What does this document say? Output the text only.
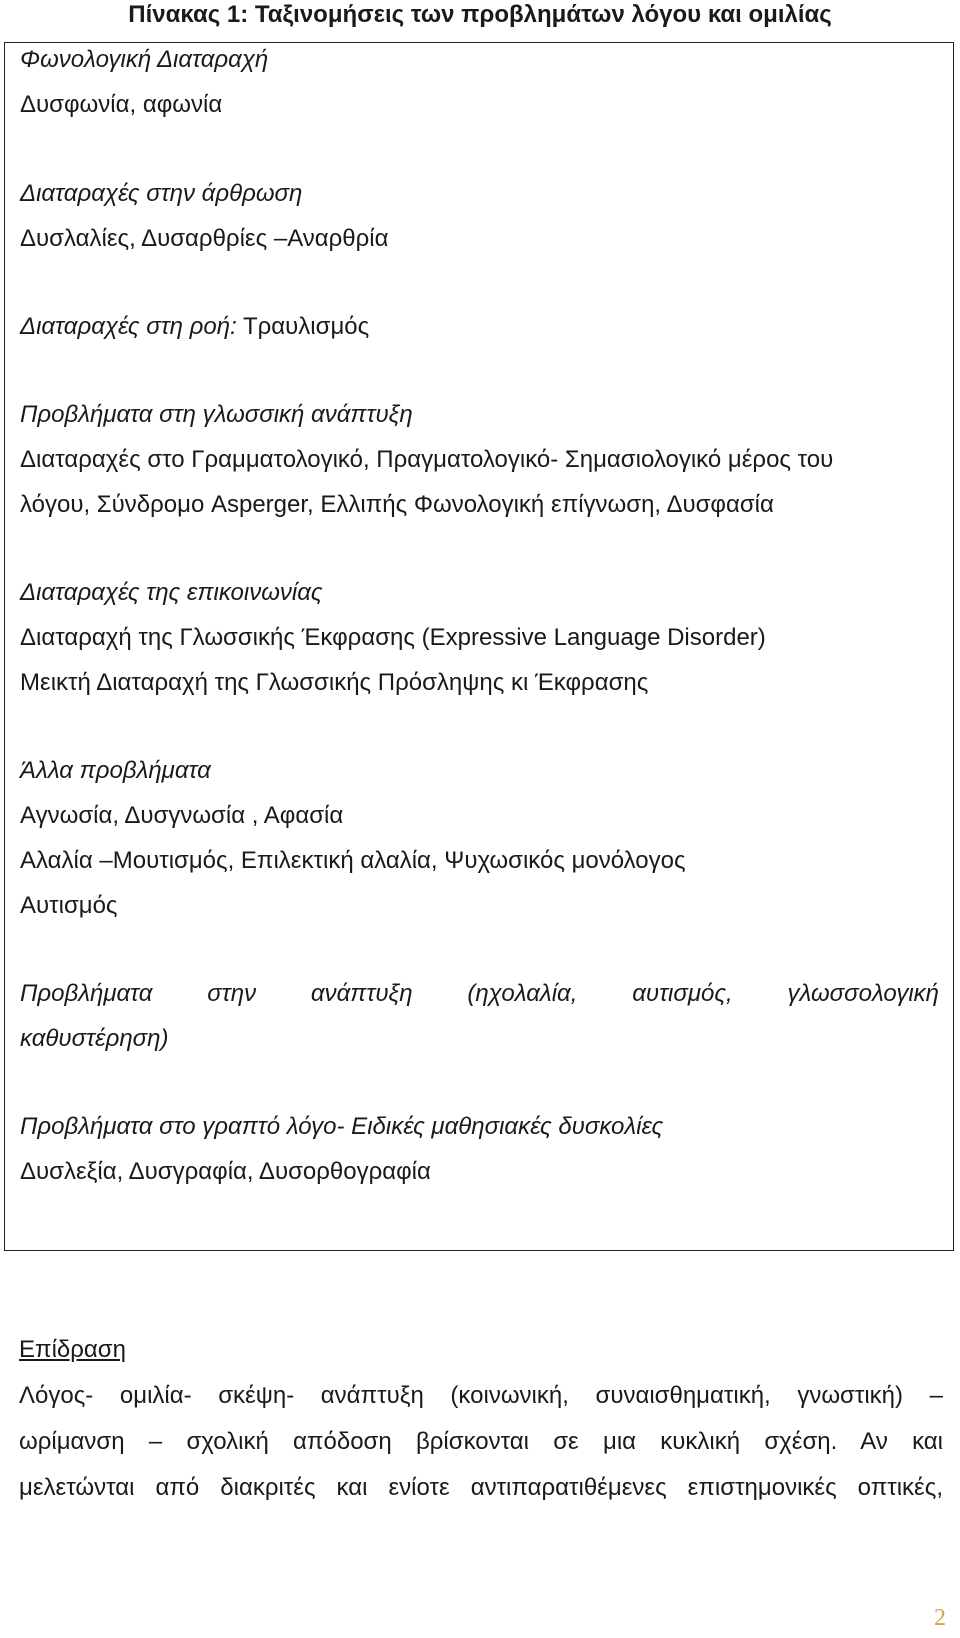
Πίνακας 1: Ταξινομήσεις των προβλημάτων λόγου και ομιλίας
Φωνολογική Διαταραχή
Δυσφωνία, αφωνία
Διαταραχές στην άρθρωση
Δυσλαλίες, Δυσαρθρίες –Αναρθρία
Διαταραχές στη ροή: Τραυλισμός
Προβλήματα στη γλωσσική ανάπτυξη
Διαταραχές στο Γραμματολογικό, Πραγματολογικό- Σημασιολογικό μέρος του
λόγου, Σύνδρομο Asperger, Ελλιπής Φωνολογική επίγνωση, Δυσφασία
Διαταραχές της επικοινωνίας
Διαταραχή της Γλωσσικής Έκφρασης (Expressive Language Disorder)
Μεικτή Διαταραχή της Γλωσσικής Πρόσληψης κι Έκφρασης
Άλλα προβλήματα
Αγνωσία, Δυσγνωσία , Αφασία
Αλαλία –Μουτισμός, Επιλεκτική αλαλία, Ψυχωσικός μονόλογος
Αυτισμός
Προβλήματα στην ανάπτυξη (ηχολαλία, αυτισμός, γλωσσολογική
καθυστέρηση)
Προβλήματα στο γραπτό λόγο- Ειδικές μαθησιακές δυσκολίες
Δυσλεξία, Δυσγραφία, Δυσορθογραφία
Επίδραση
Λόγος- ομιλία- σκέψη- ανάπτυξη (κοινωνική, συναισθηματική, γνωστική) –
ωρίμανση – σχολική απόδοση βρίσκονται σε μια κυκλική σχέση. Αν και
μελετώνται από διακριτές και ενίοτε αντιπαρατιθέμενες επιστημονικές οπτικές,
2
